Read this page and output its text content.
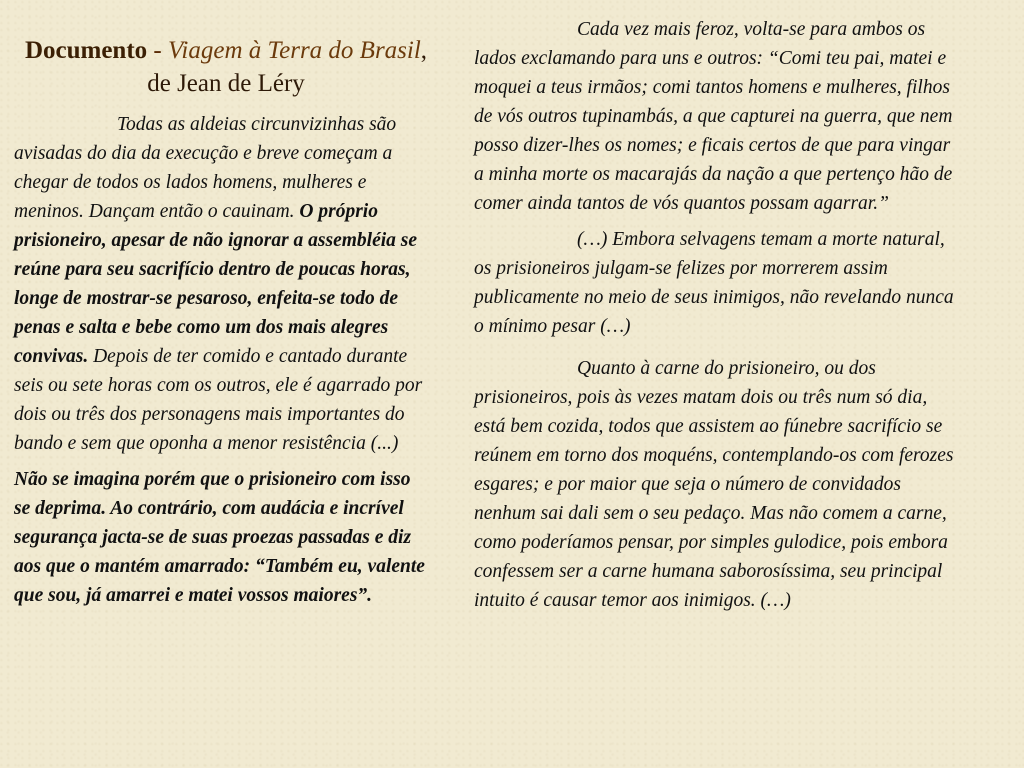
Documento - Viagem à Terra do Brasil, de Jean de Léry

Todas as aldeias circunvizinhas são avisadas do dia da execução e breve começam a chegar de todos os lados homens, mulheres e meninos. Dançam então o cauinam. O próprio prisioneiro, apesar de não ignorar a assembléia se reúne para seu sacrifício dentro de poucas horas, longe de mostrar-se pesaroso, enfeita-se todo de penas e salta e bebe como um dos mais alegres convivas. Depois de ter comido e cantado durante seis ou sete horas com os outros, ele é agarrado por dois ou três dos personagens mais importantes do bando e sem que oponha a menor resistência (...)

Não se imagina porém que o prisioneiro com isso se deprima. Ao contrário, com audácia e incrível segurança jacta-se de suas proezas passadas e diz aos que o mantém amarrado: “Também eu, valente que sou, já amarrei e matei vossos maiores”.

Cada vez mais feroz, volta-se para ambos os lados exclamando para uns e outros: “Comi teu pai, matei e moquei a teus irmãos; comi tantos homens e mulheres, filhos de vós outros tupinambás, a que capturei na guerra, que nem posso dizer-lhes os nomes; e ficais certos de que para vingar a minha morte os macarajás da nação a que pertenço hão de comer ainda tantos de vós quantos possam agarrar.”

(…) Embora selvagens temam a morte natural, os prisioneiros julgam-se felizes por morrerem assim publicamente no meio de seus inimigos, não revelando nunca o mínimo pesar (…)

Quanto à carne do prisioneiro, ou dos prisioneiros, pois às vezes matam dois ou três num só dia, está bem cozida, todos que assistem ao fúnebre sacrifício se reúnem em torno dos moquéns, contemplando-os com ferozes esgares; e por maior que seja o número de convidados nenhum sai dali sem o seu pedaço. Mas não comem a carne, como poderíamos pensar, por simples gulodice, pois embora confessem ser a carne humana saborosíssima, seu principal intuito é causar temor aos inimigos. (…)
